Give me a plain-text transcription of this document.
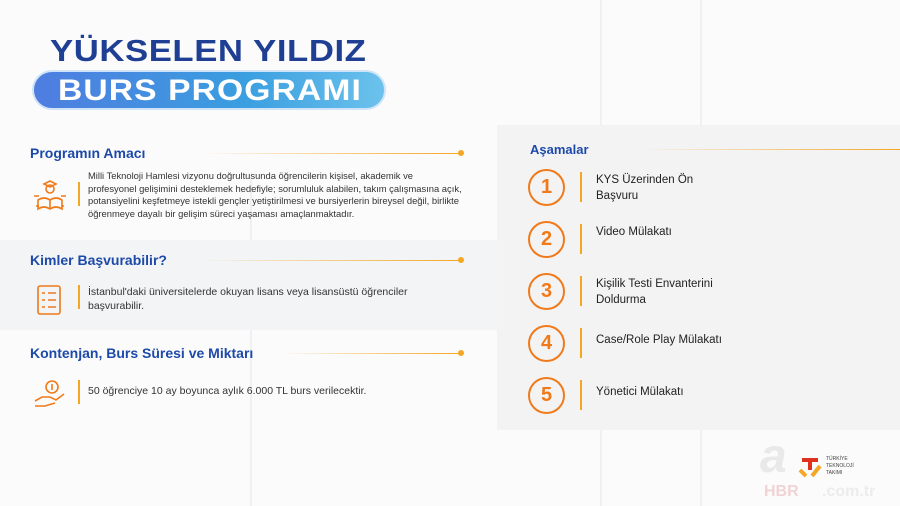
YÜKSELEN YILDIZ
BURS PROGRAMI
Programın Amacı
Milli Teknoloji Hamlesi vizyonu doğrultusunda öğrencilerin kişisel, akademik ve profesyonel gelişimini desteklemek hedefiyle; sorumluluk alabilen, takım çalışmasına açık, potansiyelini keşfetmeye istekli gençler yetiştirilmesi ve bursiyerlerin bireysel değil, birlikte öğrenmeye dayalı bir gelişim süreci yaşaması amaçlanmaktadır.
Kimler Başvurabilir?
İstanbul'daki üniversitelerde okuyan lisans veya lisansüstü öğrenciler başvurabilir.
Kontenjan, Burs Süresi ve Miktarı
50 öğrenciye 10 ay boyunca aylık 6.000 TL burs verilecektir.
Aşamalar
1	KYS Üzerinden Ön Başvuru
2	Video Mülakatı
3	Kişilik Testi Envanterini Doldurma
4	Case/Role Play Mülakatı
5	Yönetici Mülakatı
a
HBR .com.tr
TÜRKİYE
TEKNOLOJİ
TAKIMI
